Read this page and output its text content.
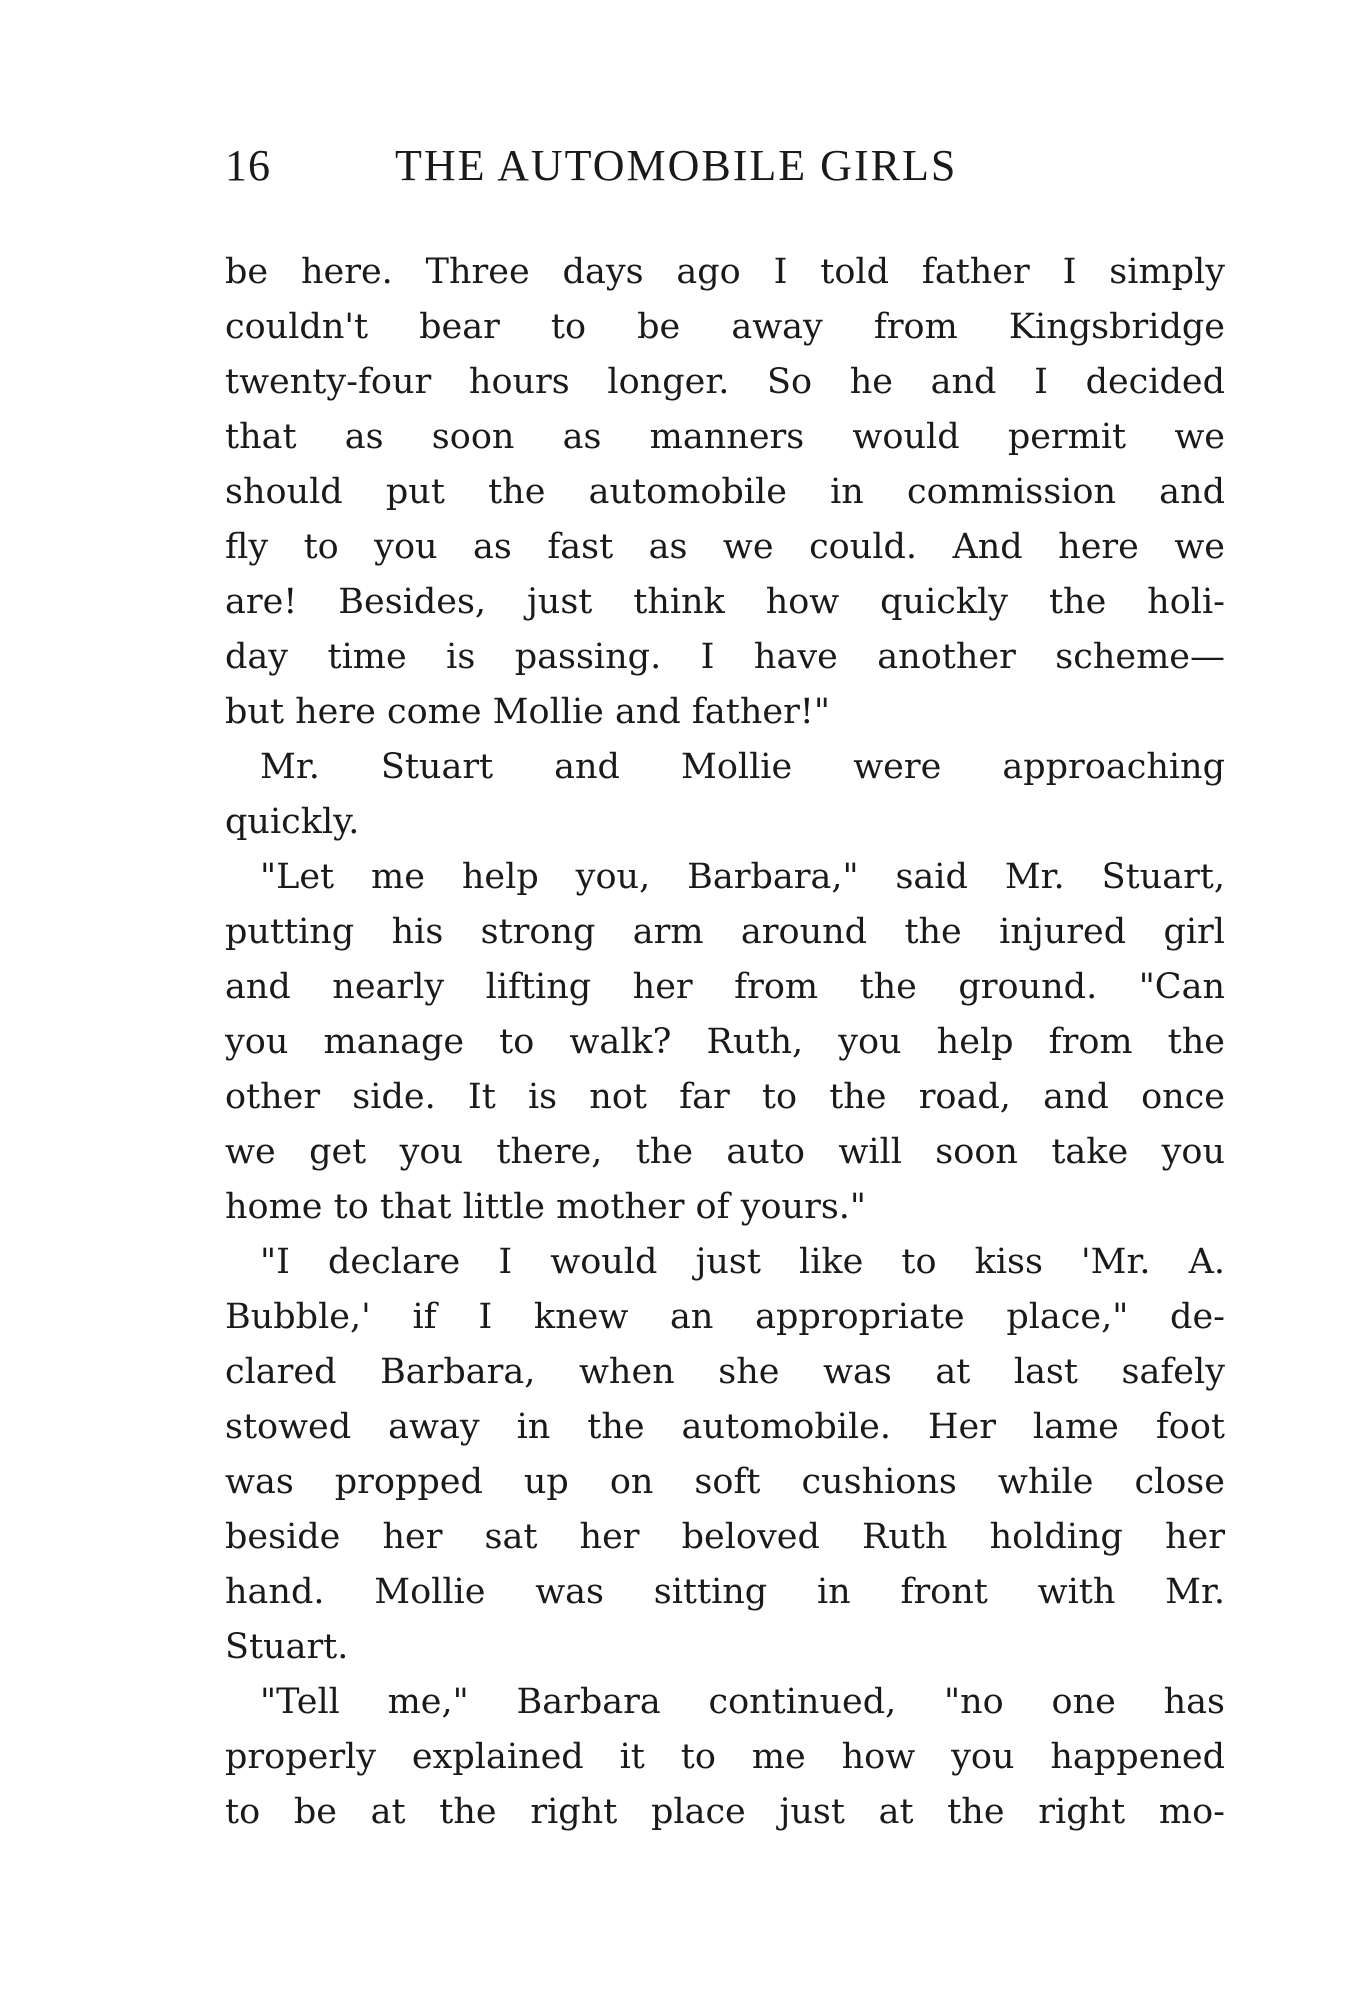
16	THE AUTOMOBILE GIRLS
be here. Three days ago I told father I simply
couldn't bear to be away from Kingsbridge
twenty-four hours longer. So he and I decided
that as soon as manners would permit we
should put the automobile in commission and
fly to you as fast as we could. And here we
are! Besides, just think how quickly the holi-
day time is passing. I have another scheme—
but here come Mollie and father!"
Mr. Stuart and Mollie were approaching
quickly.
"Let me help you, Barbara," said Mr. Stuart,
putting his strong arm around the injured girl
and nearly lifting her from the ground. "Can
you manage to walk? Ruth, you help from the
other side. It is not far to the road, and once
we get you there, the auto will soon take you
home to that little mother of yours."
"I declare I would just like to kiss 'Mr. A.
Bubble,' if I knew an appropriate place," de-
clared Barbara, when she was at last safely
stowed away in the automobile. Her lame foot
was propped up on soft cushions while close
beside her sat her beloved Ruth holding her
hand. Mollie was sitting in front with Mr.
Stuart.
"Tell me," Barbara continued, "no one has
properly explained it to me how you happened
to be at the right place just at the right mo-
